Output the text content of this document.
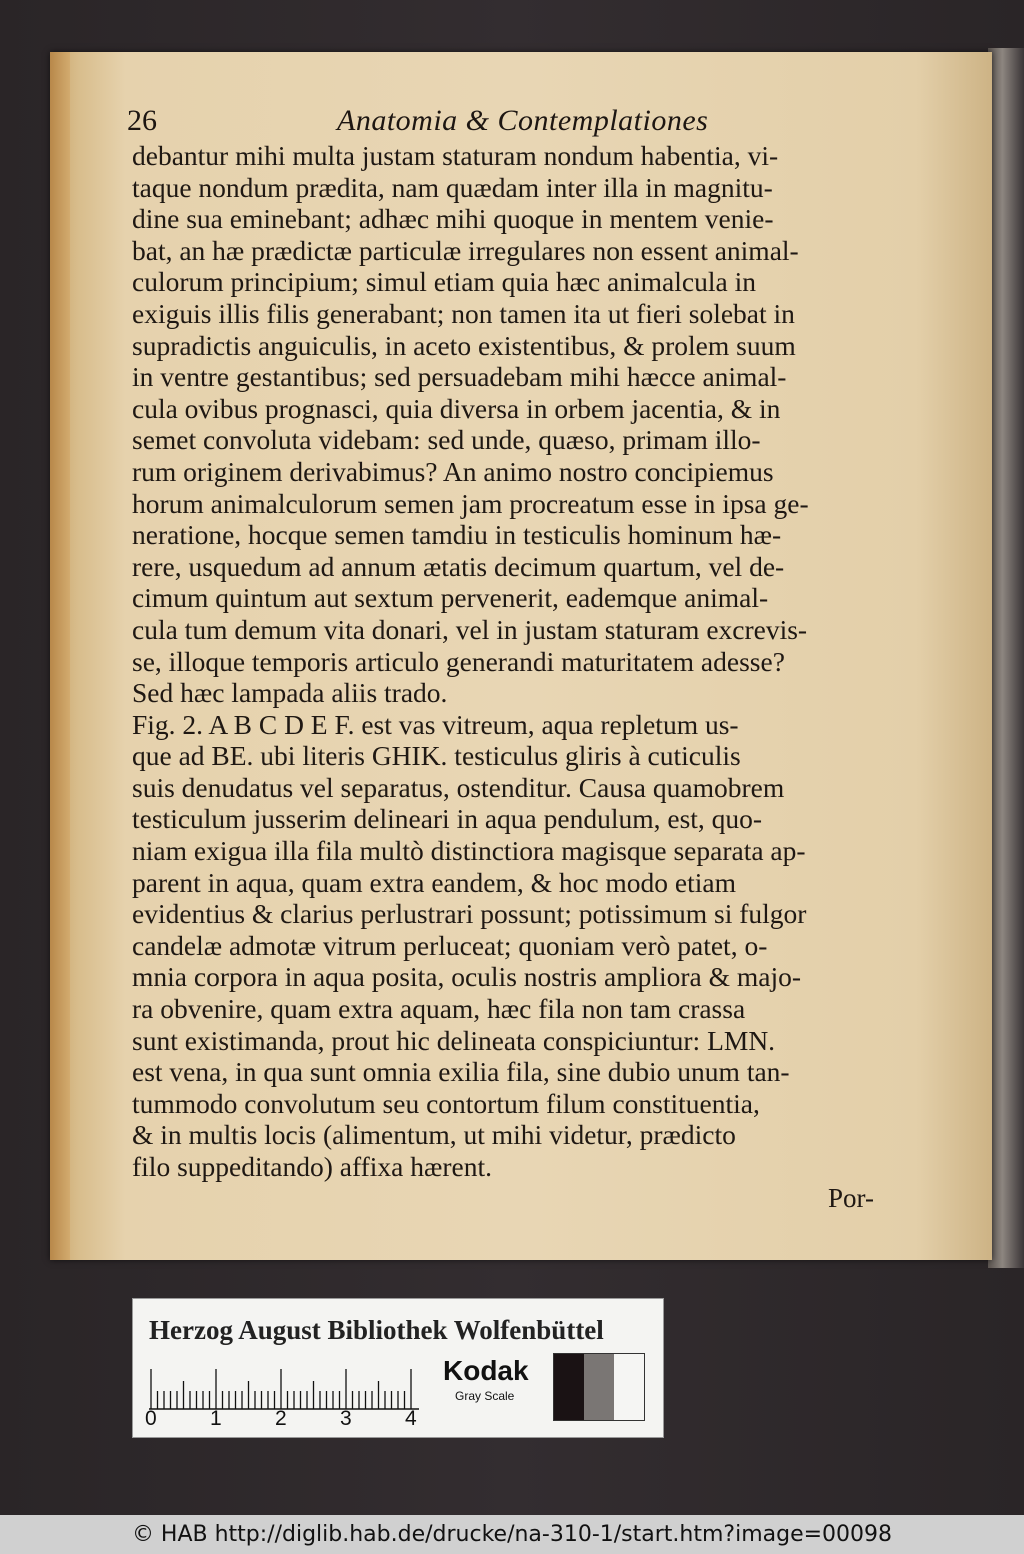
26	Anatomia & Contemplationes
debantur mihi multa justam staturam nondum habentia, vi-
taque nondum prædita, nam quædam inter illa in magnitu-
dine sua eminebant; adhæc mihi quoque in mentem venie-
bat, an hæ prædictæ particulæ irregulares non essent animal-
culorum principium; simul etiam quia hæc animalcula in
exiguis illis filis generabant; non tamen ita ut fieri solebat in
supradictis anguiculis, in aceto existentibus, & prolem suum
in ventre gestantibus; sed persuadebam mihi hæcce animal-
cula ovibus prognasci, quia diversa in orbem jacentia, & in
semet convoluta videbam: sed unde, quæso, primam illo-
rum originem derivabimus? An animo nostro concipiemus
horum animalculorum semen jam procreatum esse in ipsa ge-
neratione, hocque semen tamdiu in testiculis hominum hæ-
rere, usquedum ad annum ætatis decimum quartum, vel de-
cimum quintum aut sextum pervenerit, eademque animal-
cula tum demum vita donari, vel in justam staturam excrevis-
se, illoque temporis articulo generandi maturitatem adesse?
Sed hæc lampada aliis trado.
Fig. 2. A B C D E F. est vas vitreum, aqua repletum us-
que ad BE. ubi literis GHIK. testiculus gliris à cuticulis
suis denudatus vel separatus, ostenditur. Causa quamobrem
testiculum jusserim delineari in aqua pendulum, est, quo-
niam exigua illa fila multò distinctiora magisque separata ap-
parent in aqua, quam extra eandem, & hoc modo etiam
evidentius & clarius perlustrari possunt; potissimum si fulgor
candelæ admotæ vitrum perluceat; quoniam verò patet, o-
mnia corpora in aqua posita, oculis nostris ampliora & majo-
ra obvenire, quam extra aquam, hæc fila non tam crassa
sunt existimanda, prout hic delineata conspiciuntur: LMN.
est vena, in qua sunt omnia exilia fila, sine dubio unum tan-
tummodo convolutum seu contortum filum constituentia,
& in multis locis (alimentum, ut mihi videtur, prædicto
filo suppeditando) affixa hærent.
Por-
Herzog August Bibliothek Wolfenbüttel
0	1	2	3	4
Kodak
Gray Scale
© HAB http://diglib.hab.de/drucke/na-310-1/start.htm?image=00098
